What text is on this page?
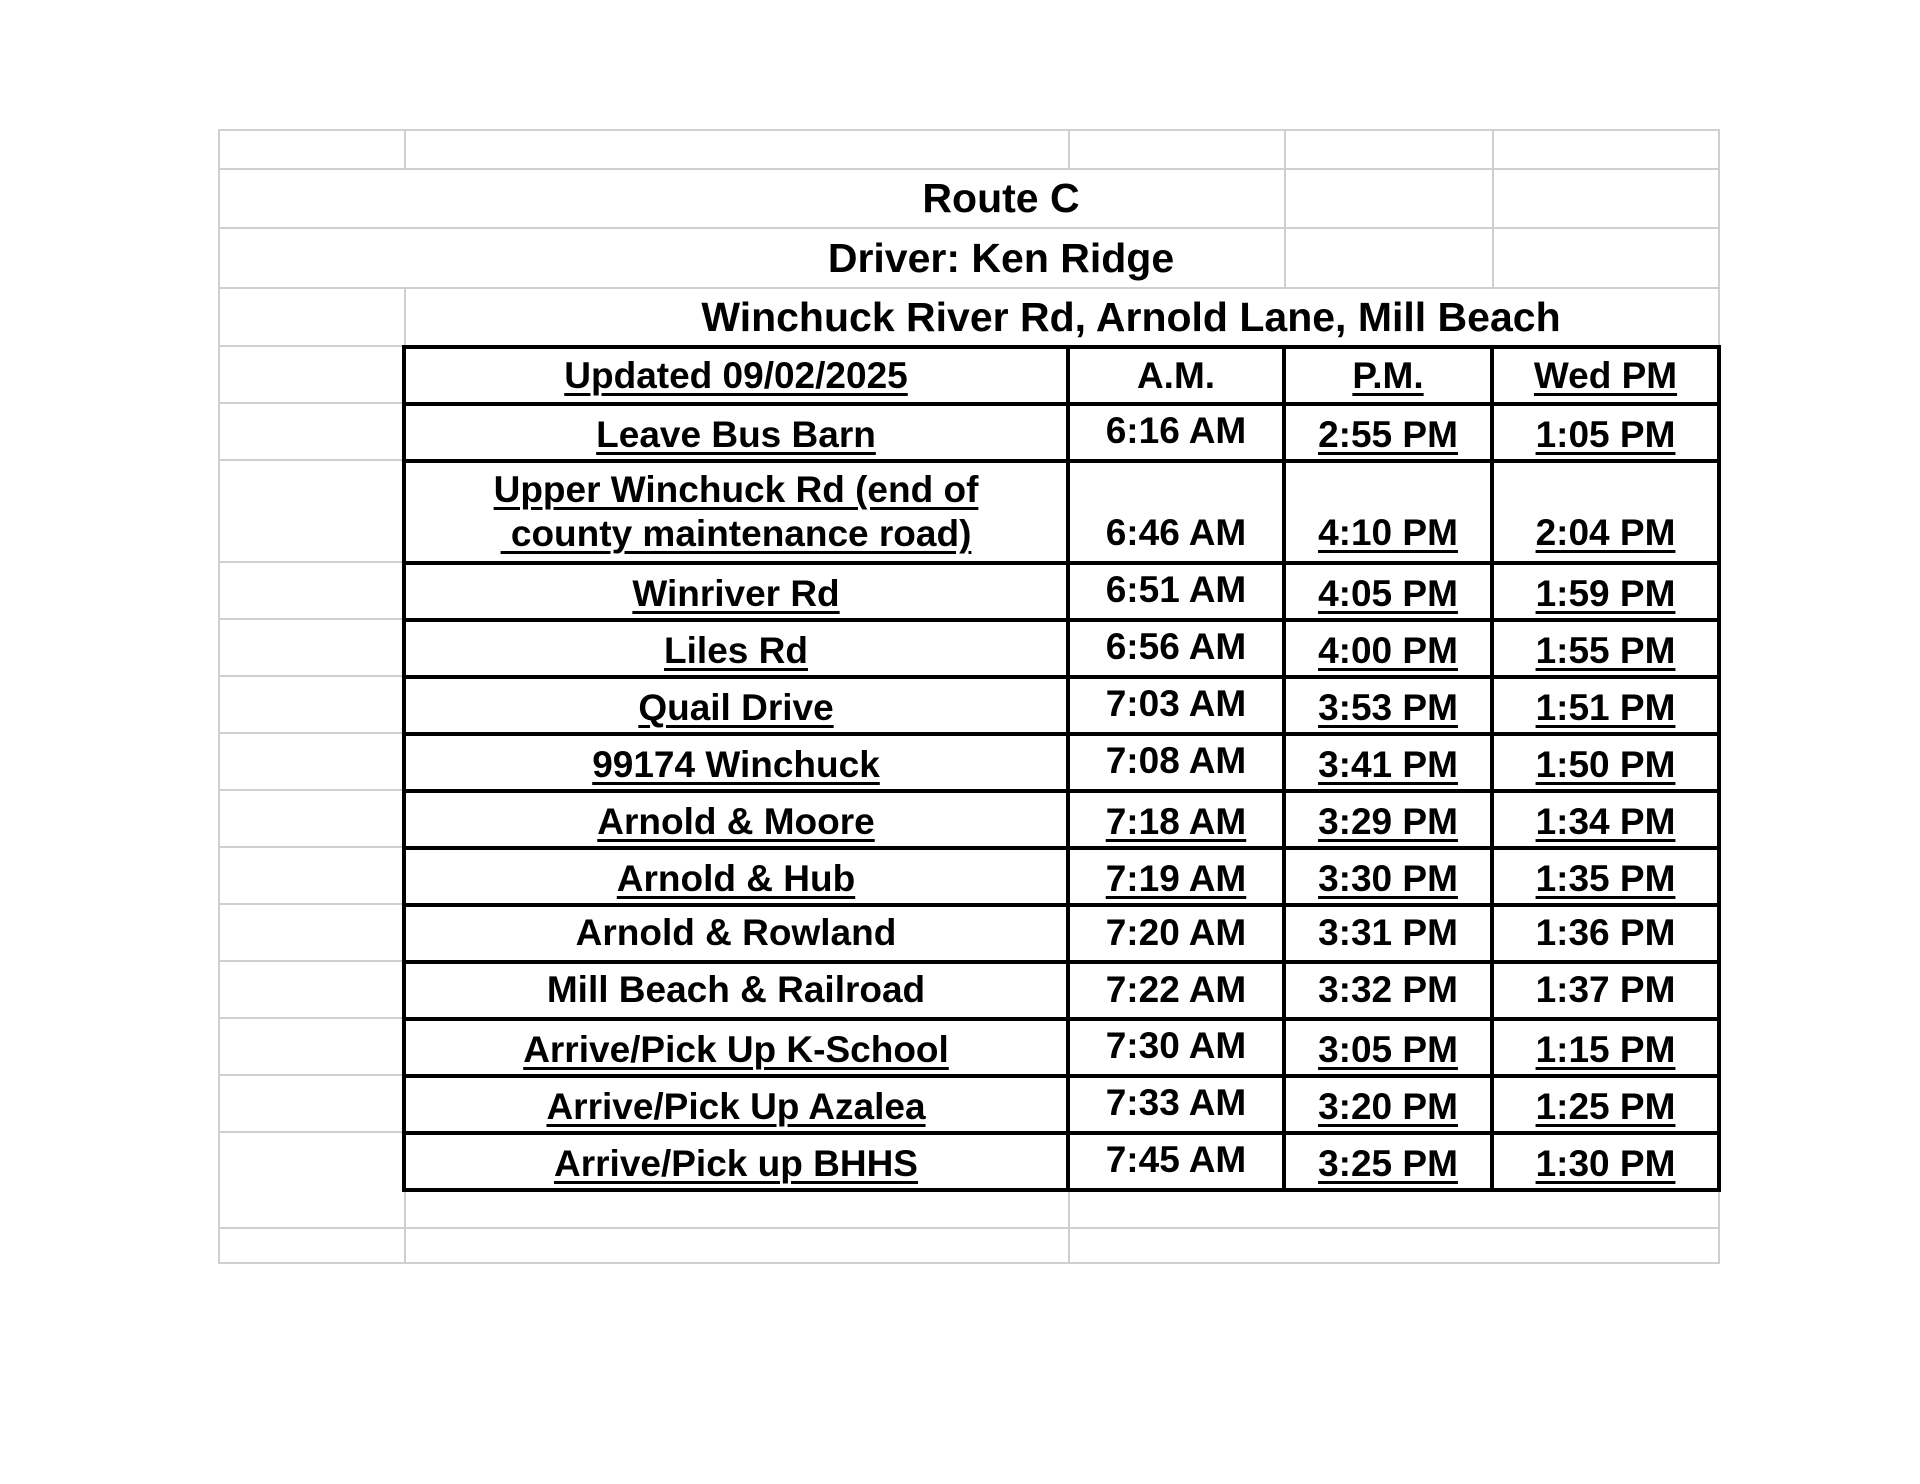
Route C
Driver: Ken Ridge
Winchuck River Rd, Arnold Lane, Mill Beach
Updated 09/02/2025	A.M.	P.M.	Wed PM
Leave Bus Barn	6:16 AM	2:55 PM	1:05 PM
Upper Winchuck Rd (end of
county maintenance road)	6:46 AM	4:10 PM	2:04 PM
Winriver Rd	6:51 AM	4:05 PM	1:59 PM
Liles Rd	6:56 AM	4:00 PM	1:55 PM
Quail Drive	7:03 AM	3:53 PM	1:51 PM
99174 Winchuck	7:08 AM	3:41 PM	1:50 PM
Arnold & Moore	7:18 AM	3:29 PM	1:34 PM
Arnold & Hub	7:19 AM	3:30 PM	1:35 PM
Arnold & Rowland	7:20 AM	3:31 PM	1:36 PM
Mill Beach & Railroad	7:22 AM	3:32 PM	1:37 PM
Arrive/Pick Up K-School	7:30 AM	3:05 PM	1:15 PM
Arrive/Pick Up Azalea	7:33 AM	3:20 PM	1:25 PM
Arrive/Pick up BHHS	7:45 AM	3:25 PM	1:30 PM
